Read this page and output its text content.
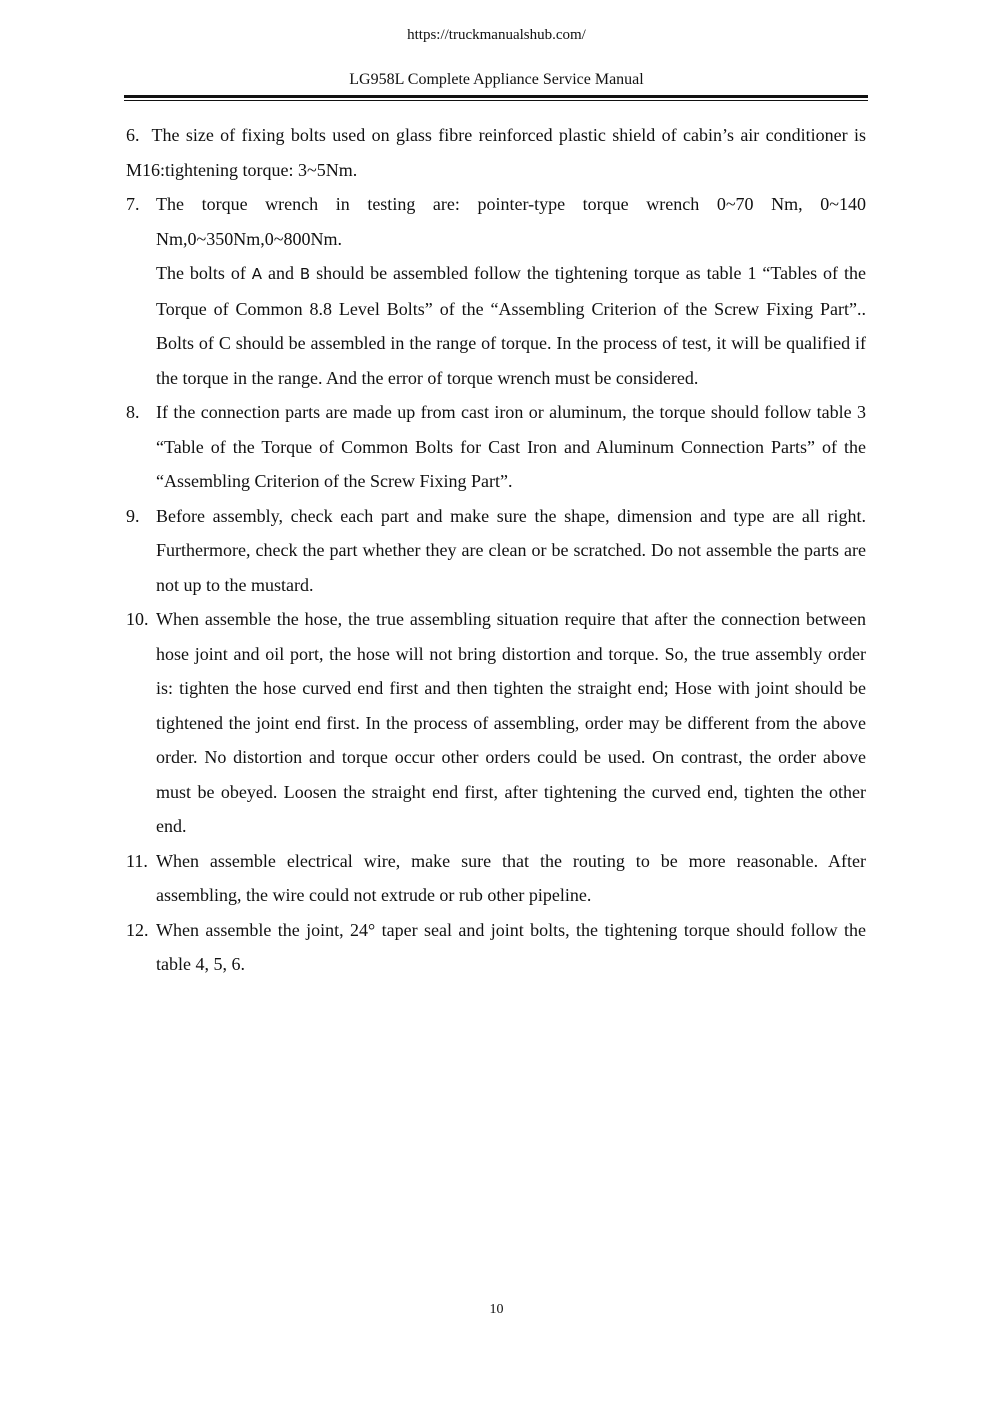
https://truckmanualshub.com/
LG958L Complete Appliance Service Manual
6. The size of fixing bolts used on glass fibre reinforced plastic shield of cabin’s air conditioner is M16:tightening torque: 3~5Nm.
7. The torque wrench in testing are: pointer-type torque wrench 0~70 Nm, 0~140 Nm,0~350Nm,0~800Nm.
The bolts of A and B should be assembled follow the tightening torque as table 1 “Tables of the Torque of Common 8.8 Level Bolts” of the “Assembling Criterion of the Screw Fixing Part”.. Bolts of C should be assembled in the range of torque. In the process of test, it will be qualified if the torque in the range. And the error of torque wrench must be considered.
8. If the connection parts are made up from cast iron or aluminum, the torque should follow table 3 “Table of the Torque of Common Bolts for Cast Iron and Aluminum Connection Parts” of the “Assembling Criterion of the Screw Fixing Part”.
9. Before assembly, check each part and make sure the shape, dimension and type are all right. Furthermore, check the part whether they are clean or be scratched. Do not assemble the parts are not up to the mustard.
10. When assemble the hose, the true assembling situation require that after the connection between hose joint and oil port, the hose will not bring distortion and torque. So, the true assembly order is: tighten the hose curved end first and then tighten the straight end; Hose with joint should be tightened the joint end first. In the process of assembling, order may be different from the above order. No distortion and torque occur other orders could be used. On contrast, the order above must be obeyed. Loosen the straight end first, after tightening the curved end, tighten the other end.
11. When assemble electrical wire, make sure that the routing to be more reasonable. After assembling, the wire could not extrude or rub other pipeline.
12. When assemble the joint, 24° taper seal and joint bolts, the tightening torque should follow the table 4, 5, 6.
10
